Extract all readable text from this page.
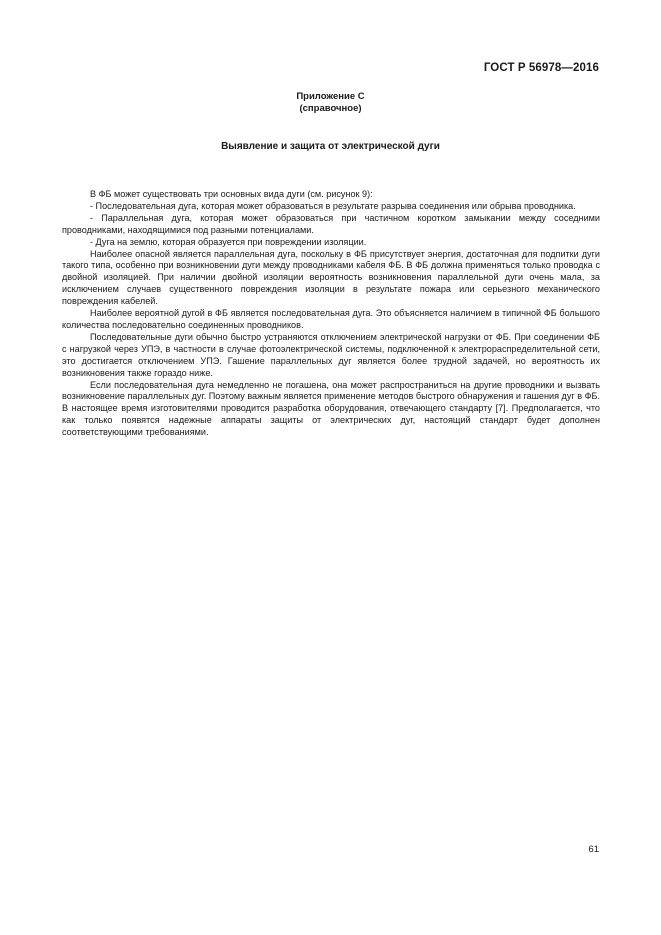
ГОСТ Р 56978—2016
Приложение С
(справочное)
Выявление и защита от электрической дуги

В ФБ может существовать три основных вида дуги (см. рисунок 9):

- Последовательная дуга, которая может образоваться в результате разрыва соединения или обрыва проводника.

- Параллельная дуга, которая может образоваться при частичном коротком замыкании между соседними проводниками, находящимися под разными потенциалами.

- Дуга на землю, которая образуется при повреждении изоляции.

Наиболее опасной является параллельная дуга, поскольку в ФБ присутствует энергия, достаточная для подпитки дуги такого типа, особенно при возникновении дуги между проводниками кабеля ФБ. В ФБ должна применяться только проводка с двойной изоляцией. При наличии двойной изоляции вероятность возникновения параллельной дуги очень мала, за исключением случаев существенного повреждения изоляции в результате пожара или серьезного механического повреждения кабелей.

Наиболее вероятной дугой в ФБ является последовательная дуга. Это объясняется наличием в типичной ФБ большого количества последовательно соединенных проводников.

Последовательные дуги обычно быстро устраняются отключением электрической нагрузки от ФБ. При соединении ФБ с нагрузкой через УПЭ, в частности в случае фотоэлектрической системы, подключенной к электрораспределительной сети, это достигается отключением УПЭ. Гашение параллельных дуг является более трудной задачей, но вероятность их возникновения также гораздо ниже.

Если последовательная дуга немедленно не погашена, она может распространиться на другие проводники и вызвать возникновение параллельных дуг. Поэтому важным является применение методов быстрого обнаружения и гашения дуг в ФБ. В настоящее время изготовителями проводится разработка оборудования, отвечающего стандарту [7]. Предполагается, что как только появятся надежные аппараты защиты от электрических дуг, настоящий стандарт будет дополнен соответствующими требованиями.

61
